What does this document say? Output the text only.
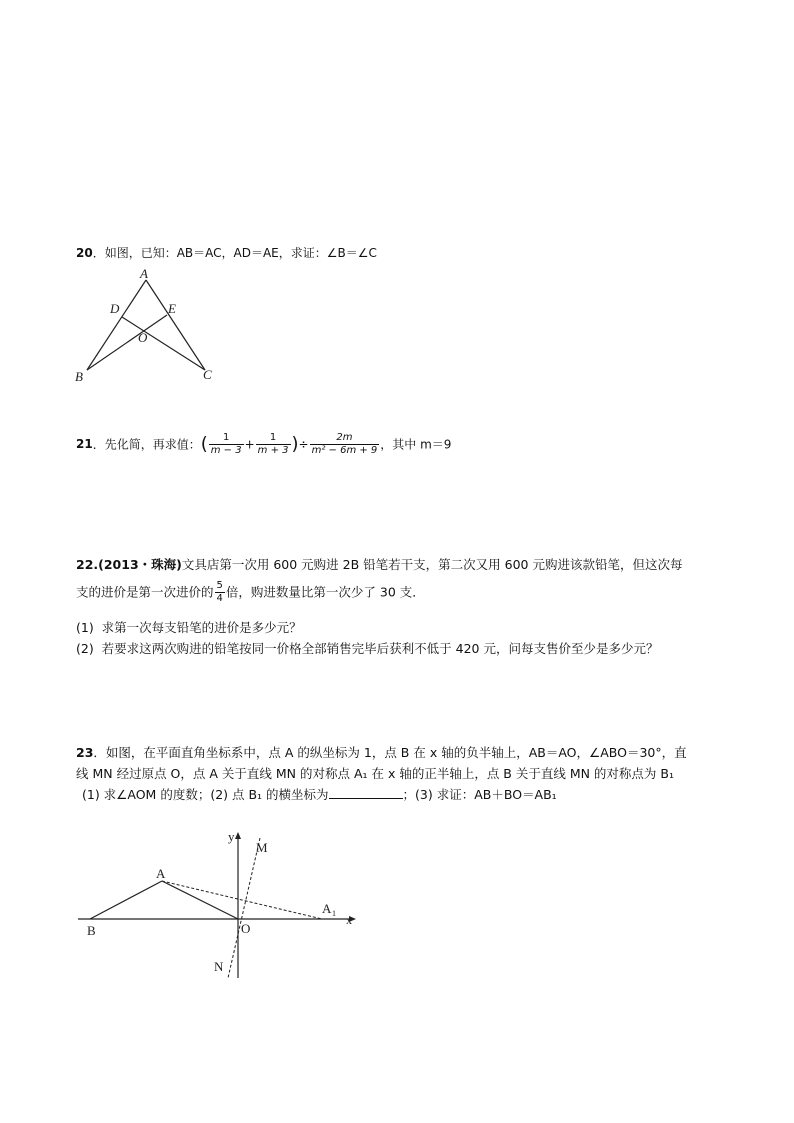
20．如图，已知：AB＝AC，AD＝AE，求证：∠B＝∠C
A
D	E
O
B	C
21．先化简，再求值：( $\frac{1}{m - 3} + \frac{1}{m + 3}$ )÷ $\frac{2m}{\text{m² − 6m + 9}}$ ，其中 m＝9
22.(2013・珠海)文具店第一次用 600 元购进 2B 铅笔若干支，第二次又用 600 元购进该款铅笔，但这次每
支的进价是第一次进价的 $\frac{5}{4}$ 倍，购进数量比第一次少了 30 支．
(1) 求第一次每支铅笔的进价是多少元？
(2) 若要求这两次购进的铅笔按同一价格全部销售完毕后获利不低于 420 元，问每支售价至少是多少元？
23．如图，在平面直角坐标系中，点 A 的纵坐标为 1，点 B 在 x 轴的负半轴上，AB＝AO，∠ABO＝30°，直
线 MN 经过原点 O，点 A 关于直线 MN 的对称点 A₁ 在 x 轴的正半轴上，点 B 关于直线 MN 的对称点为 B₁
(1) 求∠AOM 的度数；(2) 点 B₁ 的横坐标为	；(3) 求证：AB＋BO＝AB₁
y
x
M
A
A 1
B	O
N
